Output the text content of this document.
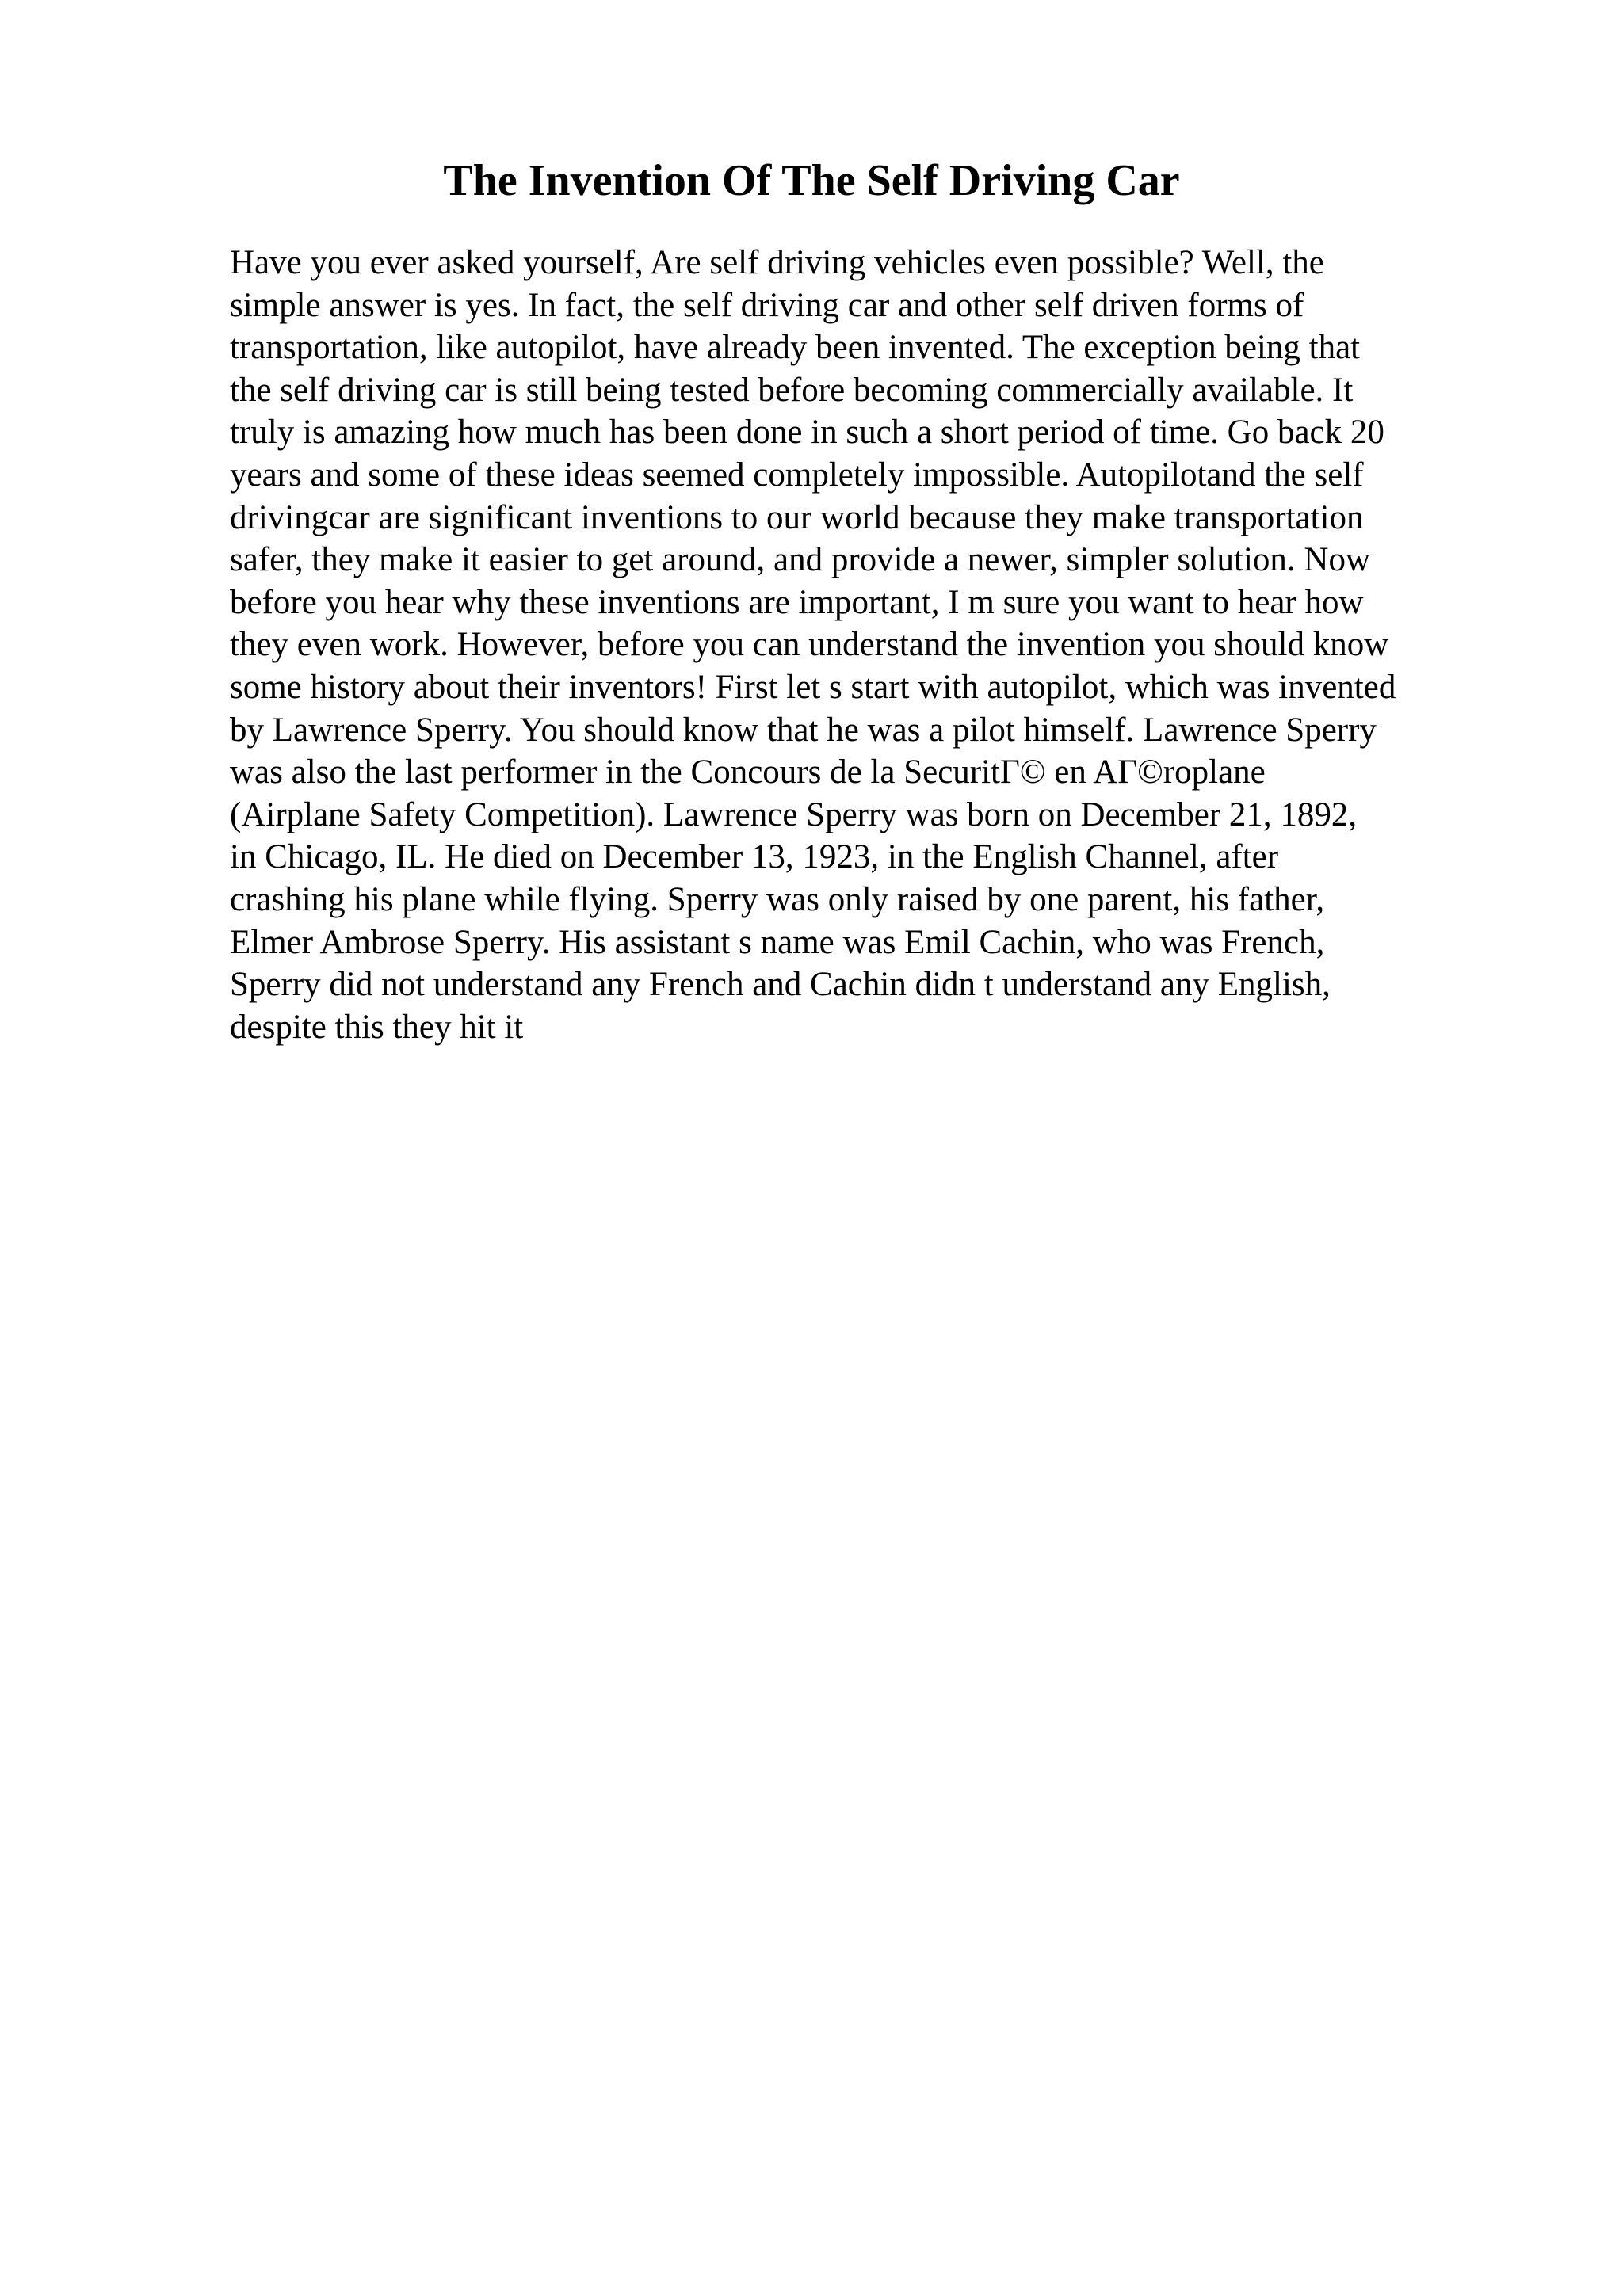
The Invention Of The Self Driving Car
Have you ever asked yourself, Are self driving vehicles even possible? Well, the
simple answer is yes. In fact, the self driving car and other self driven forms of
transportation, like autopilot, have already been invented. The exception being that
the self driving car is still being tested before becoming commercially available. It
truly is amazing how much has been done in such a short period of time. Go back 20
years and some of these ideas seemed completely impossible. Autopilotand the self
drivingcar are significant inventions to our world because they make transportation
safer, they make it easier to get around, and provide a newer, simpler solution. Now
before you hear why these inventions are important, I m sure you want to hear how
they even work. However, before you can understand the invention you should know
some history about their inventors! First let s start with autopilot, which was invented
by Lawrence Sperry. You should know that he was a pilot himself. Lawrence Sperry
was also the last performer in the Concours de la SecuritΓ© en AΓ©roplane
(Airplane Safety Competition). Lawrence Sperry was born on December 21, 1892,
in Chicago, IL. He died on December 13, 1923, in the English Channel, after
crashing his plane while flying. Sperry was only raised by one parent, his father,
Elmer Ambrose Sperry. His assistant s name was Emil Cachin, who was French,
Sperry did not understand any French and Cachin didn t understand any English,
despite this they hit it
